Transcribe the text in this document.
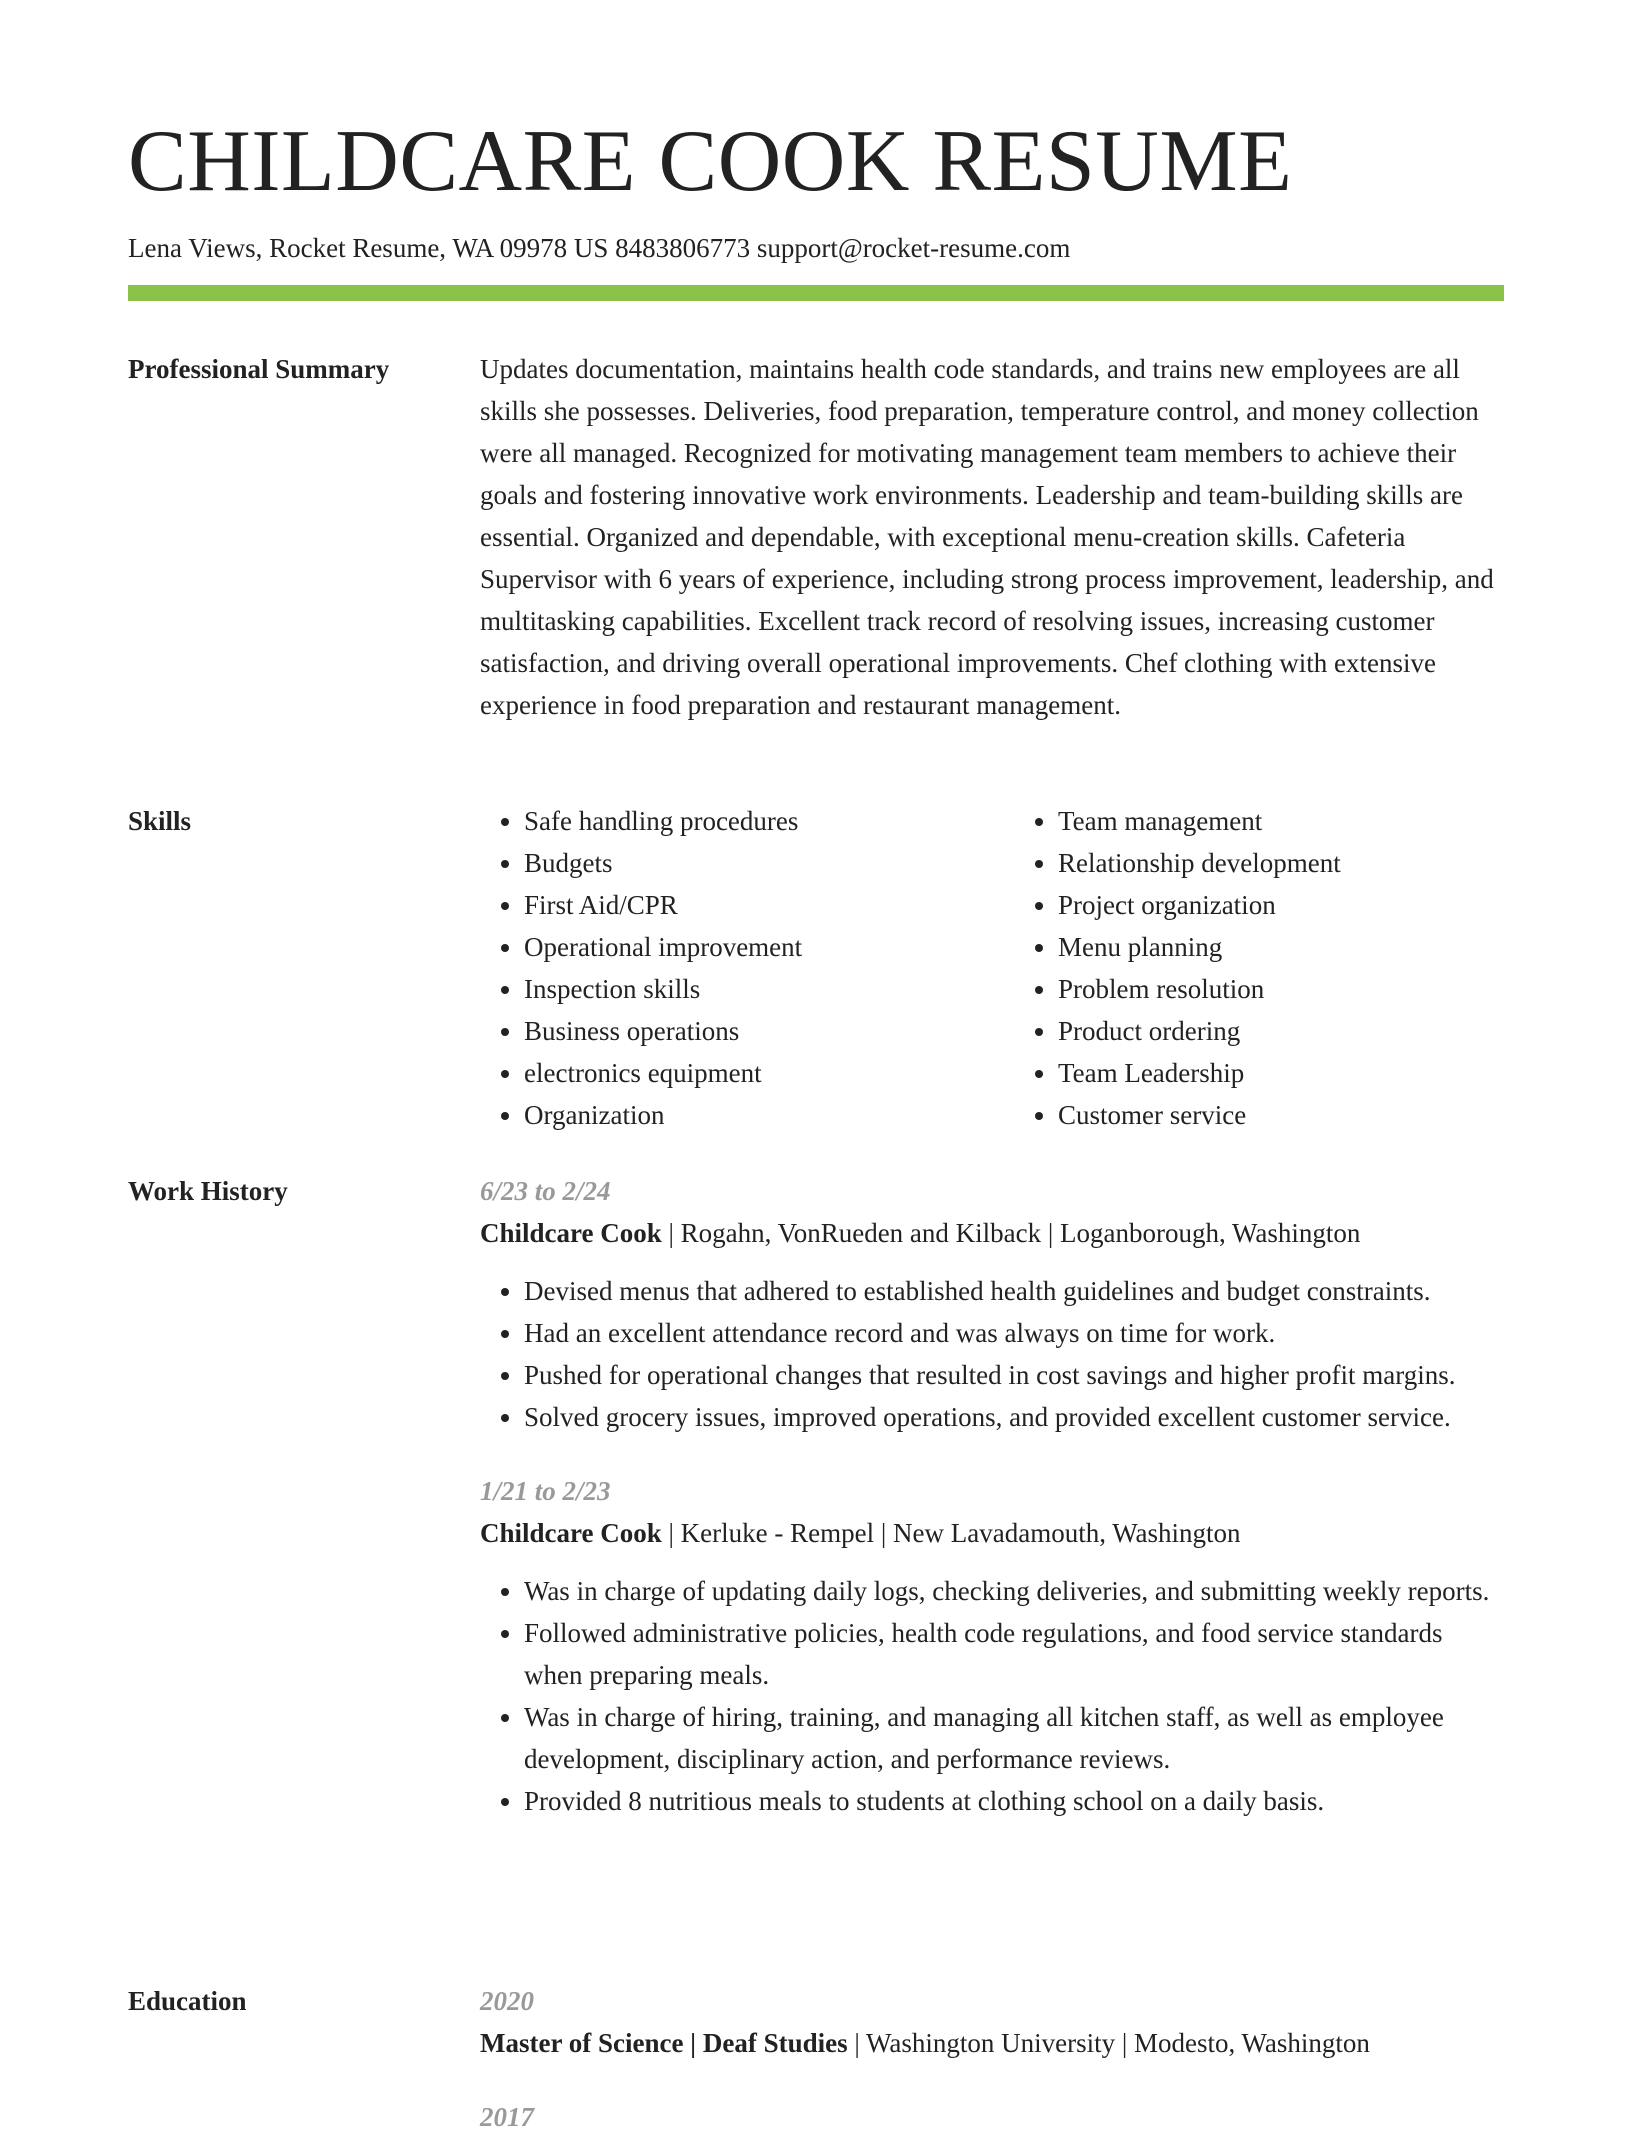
CHILDCARE COOK RESUME
Lena Views, Rocket Resume, WA 09978 US 8483806773 support@rocket-resume.com
Professional Summary	Updates documentation, maintains health code standards, and trains new employees are all skills she possesses. Deliveries, food preparation, temperature control, and money collection were all managed. Recognized for motivating management team members to achieve their goals and fostering innovative work environments. Leadership and team-building skills are essential. Organized and dependable, with exceptional menu-creation skills. Cafeteria Supervisor with 6 years of experience, including strong process improvement, leadership, and multitasking capabilities. Excellent track record of resolving issues, increasing customer satisfaction, and driving overall operational improvements. Chef clothing with extensive experience in food preparation and restaurant management.

Skills
•	Safe handling procedures
• Budgets
• First Aid/CPR
• Operational improvement
• Inspection skills
• Business operations
• electronics equipment
• Organization
• Team management
• Relationship development
• Project organization
• Menu planning
• Problem resolution
• Product ordering
• Team Leadership
• Customer service
Work History	6/23 to 2/24

Childcare Cook | Rogahn, VonRueden and Kilback | Loganborough, Washington

• Devised menus that adhered to established health guidelines and budget constraints.
• Had an excellent attendance record and was always on time for work.
• Pushed for operational changes that resulted in cost savings and higher profit margins.
• Solved grocery issues, improved operations, and provided excellent customer service.
1/21 to 2/23

Childcare Cook | Kerluke - Rempel | New Lavadamouth, Washington

• Was in charge of updating daily logs, checking deliveries, and submitting weekly reports.
• Followed administrative policies, health code regulations, and food service standards when preparing meals.
• Was in charge of hiring, training, and managing all kitchen staff, as well as employee development, disciplinary action, and performance reviews.
• Provided 8 nutritious meals to students at clothing school on a daily basis.
Education	2020

Master of Science | Deaf Studies | Washington University | Modesto, Washington

2017
